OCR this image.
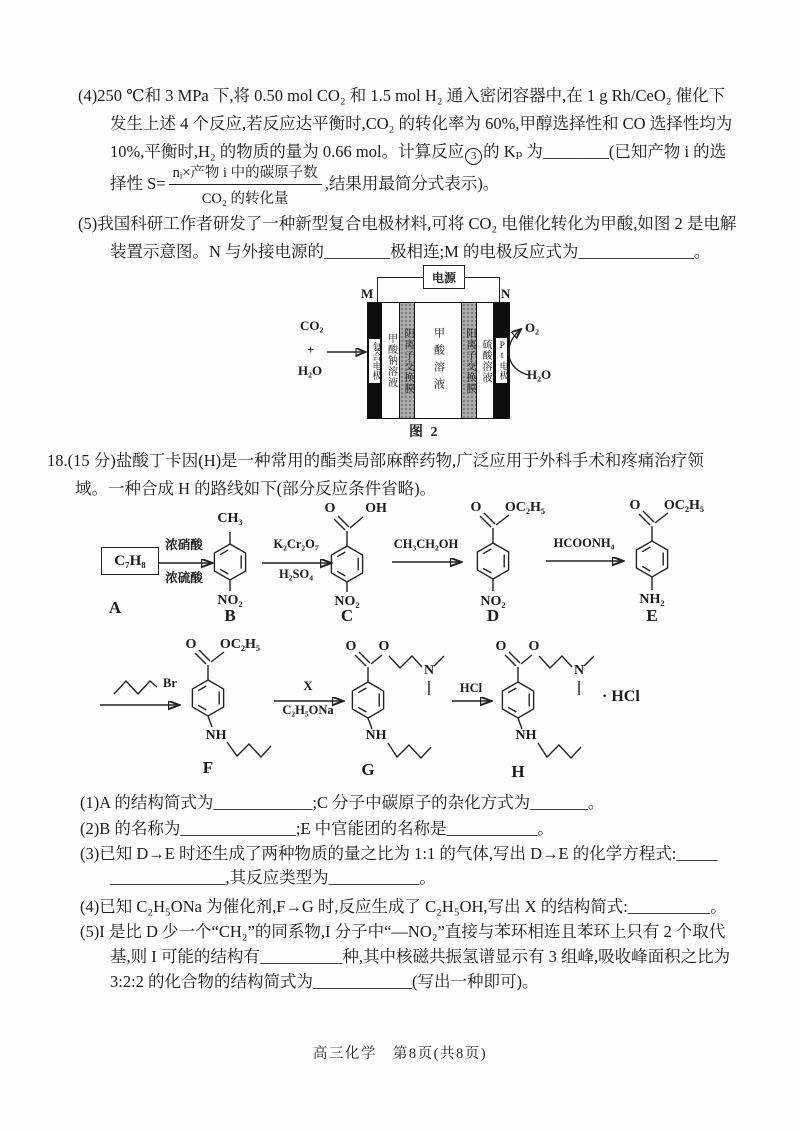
(4)250 ℃和 3 MPa 下,将 0.50 mol CO₂ 和 1.5 mol H₂ 通入密闭容器中,在 1 g Rh/CeO₂ 催化下
发生上述 4 个反应,若反应达平衡时,CO₂ 的转化率为 60%,甲醇选择性和 CO 选择性均为
10%,平衡时,H₂ 的物质的量为 0.66 mol。计算反应 3 的 Kₚ 为________(已知产物 i 的选
择性 $S= \frac{\text{nᵢ×产物 i 中的碳原子数}}{\text{CO₂ 的转化量}}$ ,结果用最简分式表示)。
(5)我国科研工作者研发了一种新型复合电极材料,可将 CO₂ 电催化转化为甲酸,如图 2 是电解
装置示意图。N 与外接电源的________极相连;M 的电极反应式为______________。
电源
M	N
复合电极 甲酸钠溶液 阴离子交换膜 甲酸溶液 阳离子交换膜 硫酸溶液 Pt电极
CO₂
+
H₂O
O₂
H₂O
图 2
18.(15 分)盐酸丁卡因(H)是一种常用的酯类局部麻醉药物,广泛应用于外科手术和疼痛治疗领
域。一种合成 H 的路线如下(部分反应条件省略)。
C₇H₈
浓硝酸
浓硫酸
K₂Cr₂O₇
H₂SO₄
CH₃CH₂OH	HCOONH₄
Br	X
C₂H₅ONa
HCl
CH₃
NO₂
O	OH
NO₂
O	OC₂H₅
NO₂
O	OC₂H₅
NH₂
O	OC₂H₅
NH
O	O
N
NH
O	O
N
NH
· HCl
A	B	C	D	E
F	G	H
(1)A 的结构简式为____________;C 分子中碳原子的杂化方式为_______。
(2)B 的名称为______________;E 中官能团的名称是___________。
(3)已知 D→E 时还生成了两种物质的量之比为 1:1 的气体,写出 D→E 的化学方程式:_____
______________,其反应类型为___________。
(4)已知 C₂H₅ONa 为催化剂,F→G 时,反应生成了 C₂H₅OH,写出 X 的结构简式:__________。
(5)I 是比 D 少一个“CH₂”的同系物,I 分子中“—NO₂”直接与苯环相连且苯环上只有 2 个取代
基,则 I 可能的结构有__________种,其中核磁共振氢谱显示有 3 组峰,吸收峰面积之比为
3:2:2 的化合物的结构简式为____________(写出一种即可)。
高三化学　第8页(共8页)
